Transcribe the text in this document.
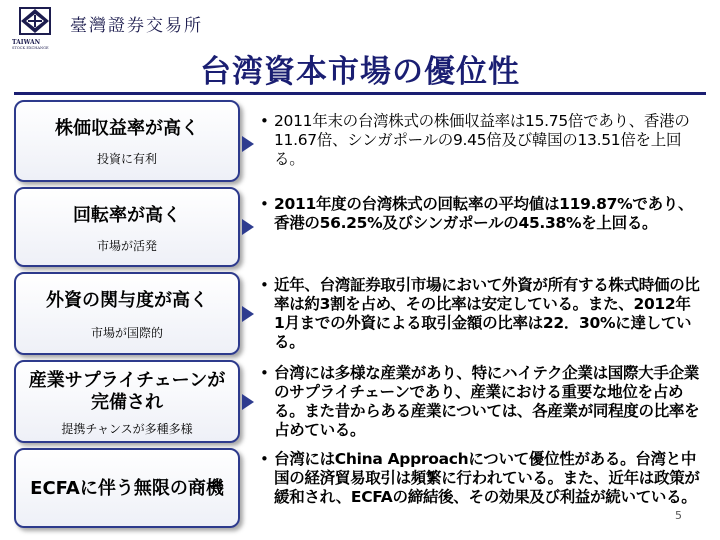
臺灣證券交易所
TAIWAN
STOCK EXCHANGE
台湾資本市場の優位性
株価収益率が高く
投資に有利
• 2011年末の台湾株式の株価収益率は15.75倍であり、香港の11.67倍、シンガポールの9.45倍及び韓国の13.51倍を上回る。
回転率が高く
市場が活発
• 2011年度の台湾株式の回転率の平均値は119.87%であり、香港の56.25%及びシンガポールの45.38%を上回る。
外資の関与度が高く
市場が国際的
• 近年、台湾証券取引市場において外資が所有する株式時価の比率は約3割を占め、その比率は安定している。また、2012年1月までの外資による取引金額の比率は22．30%に達している。
産業サプライチェーンが完備され
提携チャンスが多種多様
• 台湾には多様な産業があり、特にハイテク企業は国際大手企業のサプライチェーンであり、産業における重要な地位を占める。また昔からある産業については、各産業が同程度の比率を占めている。
ECFAに伴う無限の商機
• 台湾にはChina Approachについて優位性がある。台湾と中国の経済貿易取引は頻繁に行われている。また、近年は政策が緩和され、ECFAの締結後、その効果及び利益が続いている。
5
